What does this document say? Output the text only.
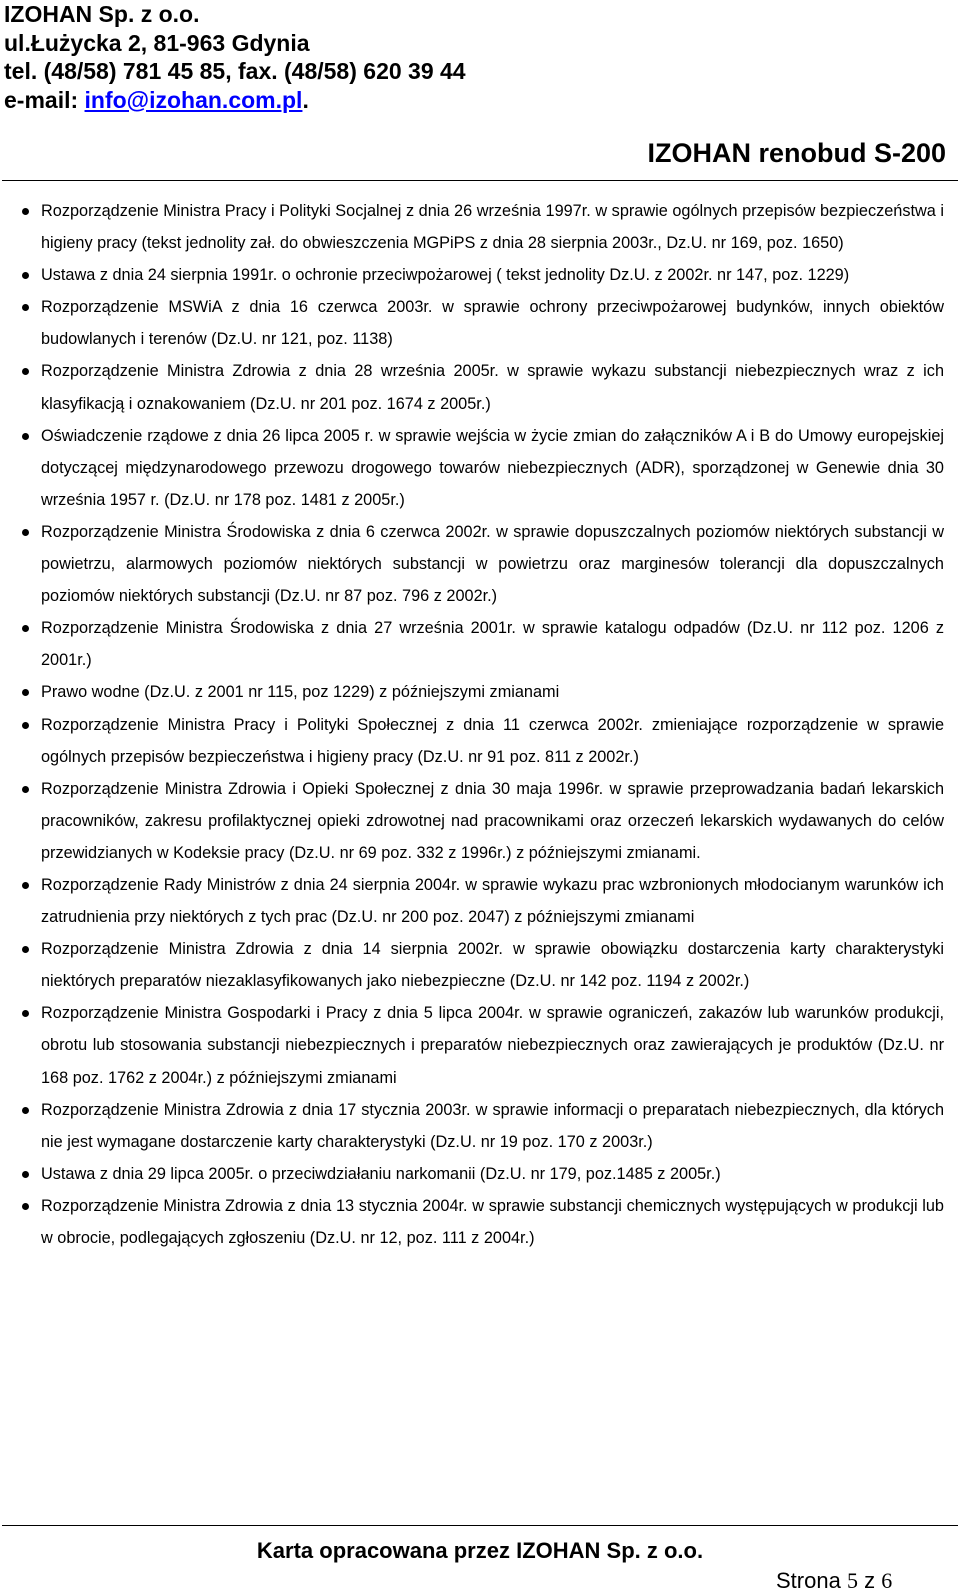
IZOHAN Sp. z o.o.
ul.Łużycka 2, 81-963 Gdynia
tel. (48/58) 781 45 85, fax. (48/58) 620 39 44
e-mail: info@izohan.com.pl.
IZOHAN renobud S-200
Rozporządzenie Ministra Pracy i Polityki Socjalnej z dnia 26 września 1997r. w sprawie ogólnych przepisów bezpieczeństwa i higieny pracy (tekst jednolity zał. do obwieszczenia MGPiPS z dnia 28 sierpnia 2003r., Dz.U. nr 169, poz. 1650)
Ustawa z dnia 24 sierpnia 1991r. o ochronie przeciwpożarowej ( tekst jednolity Dz.U. z 2002r. nr 147, poz. 1229)
Rozporządzenie MSWiA z dnia 16 czerwca 2003r. w sprawie ochrony przeciwpożarowej budynków, innych obiektów budowlanych i terenów (Dz.U. nr 121, poz. 1138)
Rozporządzenie Ministra Zdrowia z dnia 28 września 2005r. w sprawie wykazu substancji niebezpiecznych wraz z ich klasyfikacją i oznakowaniem (Dz.U. nr 201 poz. 1674 z 2005r.)
Oświadczenie rządowe z dnia 26 lipca 2005 r. w sprawie wejścia w życie zmian do załączników A i B do Umowy europejskiej dotyczącej międzynarodowego przewozu drogowego towarów niebezpiecznych (ADR), sporządzonej w Genewie dnia 30 września 1957 r. (Dz.U. nr 178 poz. 1481 z 2005r.)
Rozporządzenie Ministra Środowiska z dnia 6 czerwca 2002r. w sprawie dopuszczalnych poziomów niektórych substancji w powietrzu, alarmowych poziomów niektórych substancji w powietrzu oraz marginesów tolerancji dla dopuszczalnych poziomów niektórych substancji (Dz.U. nr 87 poz. 796 z 2002r.)
Rozporządzenie Ministra Środowiska z dnia 27 września 2001r. w sprawie katalogu odpadów (Dz.U. nr 112 poz. 1206 z 2001r.)
Prawo wodne (Dz.U. z 2001 nr 115, poz 1229) z późniejszymi zmianami
Rozporządzenie Ministra Pracy i Polityki Społecznej z dnia 11 czerwca 2002r. zmieniające rozporządzenie w sprawie ogólnych przepisów bezpieczeństwa i higieny pracy (Dz.U. nr 91 poz. 811 z 2002r.)
Rozporządzenie Ministra Zdrowia i Opieki Społecznej z dnia 30 maja 1996r. w sprawie przeprowadzania badań lekarskich pracowników, zakresu profilaktycznej opieki zdrowotnej nad pracownikami oraz orzeczeń lekarskich wydawanych do celów przewidzianych w Kodeksie pracy (Dz.U. nr 69 poz. 332 z 1996r.) z późniejszymi zmianami.
Rozporządzenie Rady Ministrów z dnia 24 sierpnia 2004r. w sprawie wykazu prac wzbronionych młodocianym warunków ich zatrudnienia przy niektórych z tych prac (Dz.U. nr 200 poz. 2047) z późniejszymi zmianami
Rozporządzenie Ministra Zdrowia z dnia 14 sierpnia 2002r. w sprawie obowiązku dostarczenia karty charakterystyki niektórych preparatów niezaklasyfikowanych jako niebezpieczne (Dz.U. nr 142 poz. 1194 z 2002r.)
Rozporządzenie Ministra Gospodarki i Pracy z dnia 5 lipca 2004r. w sprawie ograniczeń, zakazów lub warunków produkcji, obrotu lub stosowania substancji niebezpiecznych i preparatów niebezpiecznych oraz zawierających je produktów (Dz.U. nr 168 poz. 1762 z 2004r.) z późniejszymi zmianami
Rozporządzenie Ministra Zdrowia z dnia 17 stycznia 2003r. w sprawie informacji o preparatach niebezpiecznych, dla których nie jest wymagane dostarczenie karty charakterystyki (Dz.U. nr 19 poz. 170 z 2003r.)
Ustawa z dnia 29 lipca 2005r. o przeciwdziałaniu narkomanii (Dz.U. nr 179, poz.1485 z 2005r.)
Rozporządzenie Ministra Zdrowia z dnia 13 stycznia 2004r. w sprawie substancji chemicznych występujących w produkcji lub w obrocie, podlegających zgłoszeniu (Dz.U. nr 12, poz. 111 z 2004r.)
Karta opracowana przez IZOHAN Sp. z o.o.
Strona 5 z 6
